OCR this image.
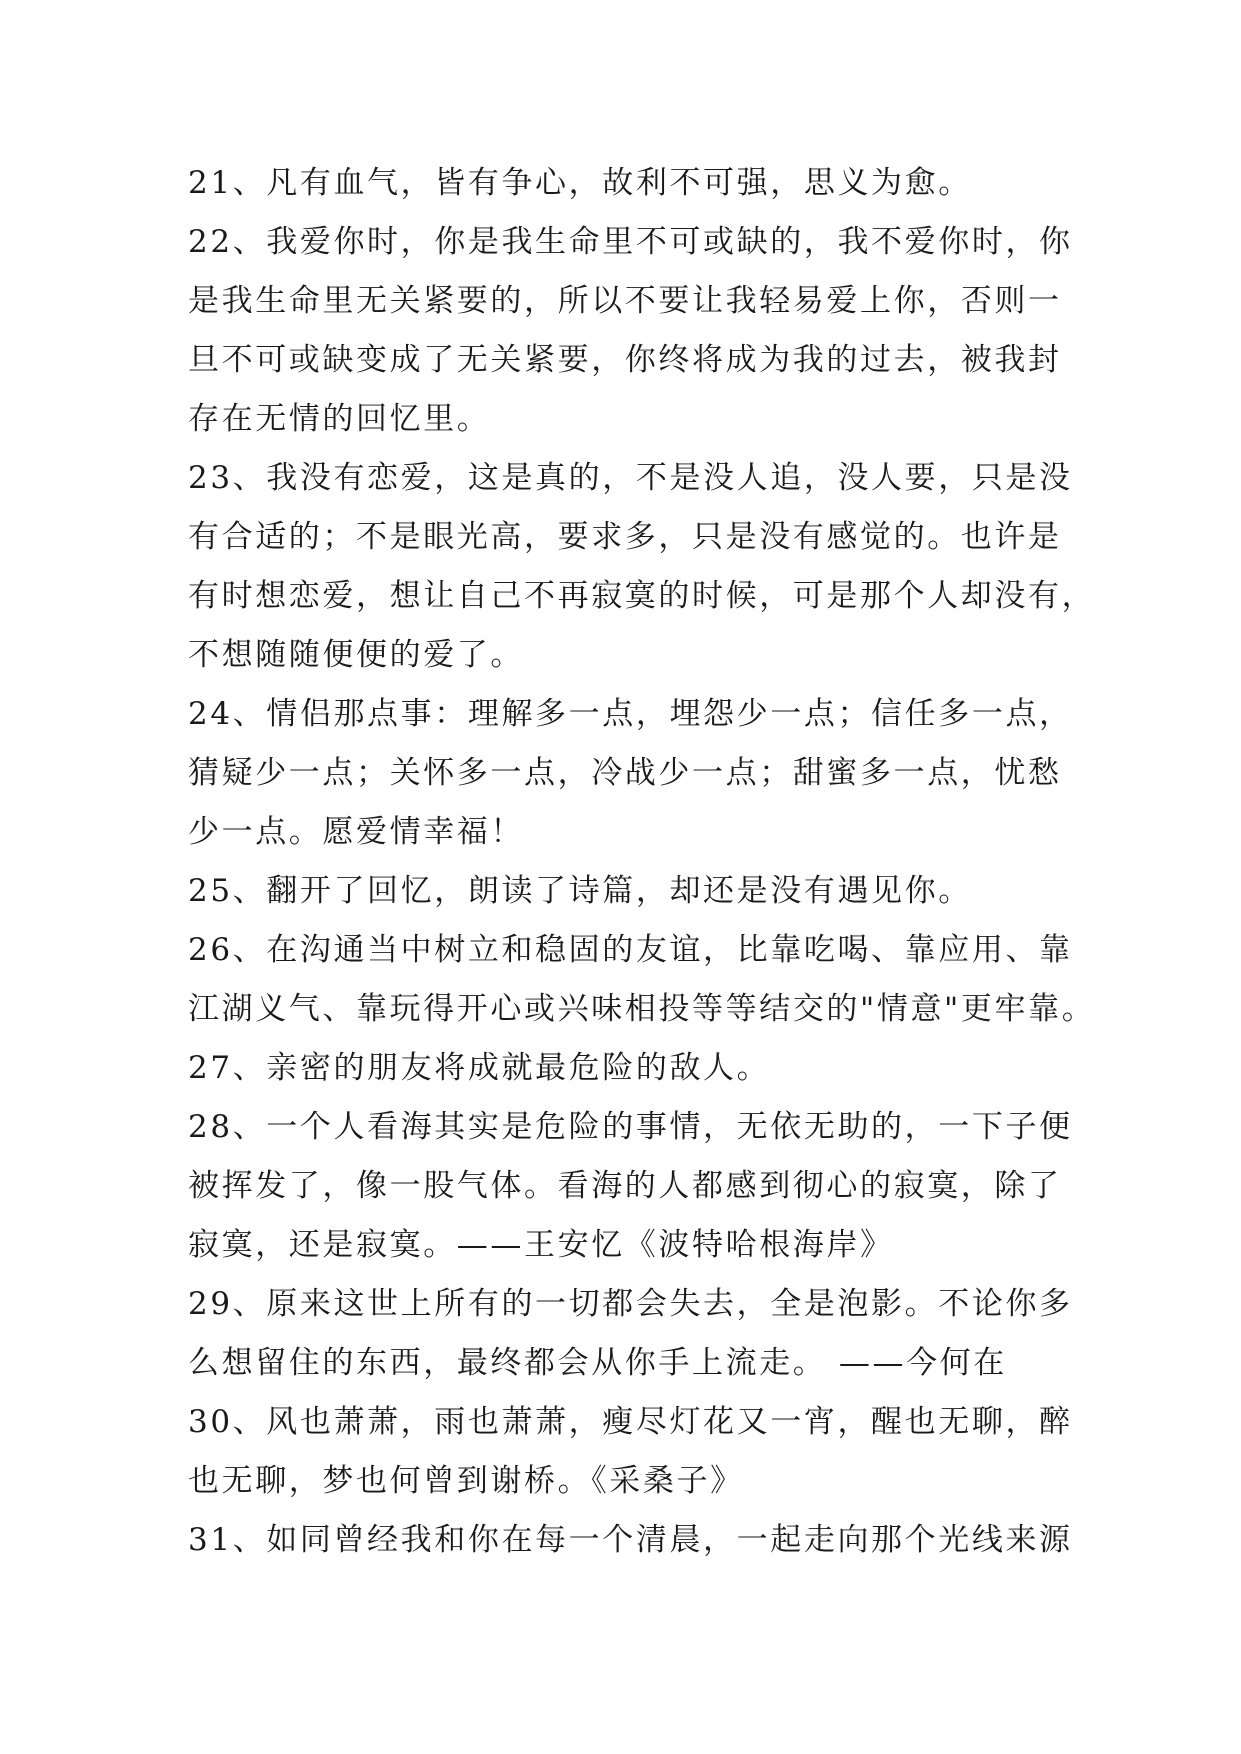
21、凡有血气，皆有争心，故利不可强，思义为愈。
22、我爱你时，你是我生命里不可或缺的，我不爱你时，你
是我生命里无关紧要的，所以不要让我轻易爱上你，否则一
旦不可或缺变成了无关紧要，你终将成为我的过去，被我封
存在无情的回忆里。
23、我没有恋爱，这是真的，不是没人追，没人要，只是没
有合适的；不是眼光高，要求多，只是没有感觉的。也许是
有时想恋爱，想让自己不再寂寞的时候，可是那个人却没有，
不想随随便便的爱了。
24、情侣那点事：理解多一点，埋怨少一点；信任多一点，
猜疑少一点；关怀多一点，冷战少一点；甜蜜多一点，忧愁
少一点。愿爱情幸福！
25、翻开了回忆，朗读了诗篇，却还是没有遇见你。
26、在沟通当中树立和稳固的友谊，比靠吃喝、靠应用、靠
江湖义气、靠玩得开心或兴味相投等等结交的"情意"更牢靠。
27、亲密的朋友将成就最危险的敌人。
28、一个人看海其实是危险的事情，无依无助的，一下子便
被挥发了，像一股气体。看海的人都感到彻心的寂寞，除了
寂寞，还是寂寞。——王安忆《波特哈根海岸》
29、原来这世上所有的一切都会失去，全是泡影。不论你多
么想留住的东西，最终都会从你手上流走。 ——今何在
30、风也萧萧，雨也萧萧，瘦尽灯花又一宵，醒也无聊，醉
也无聊，梦也何曾到谢桥。《采桑子》
31、如同曾经我和你在每一个清晨，一起走向那个光线来源
